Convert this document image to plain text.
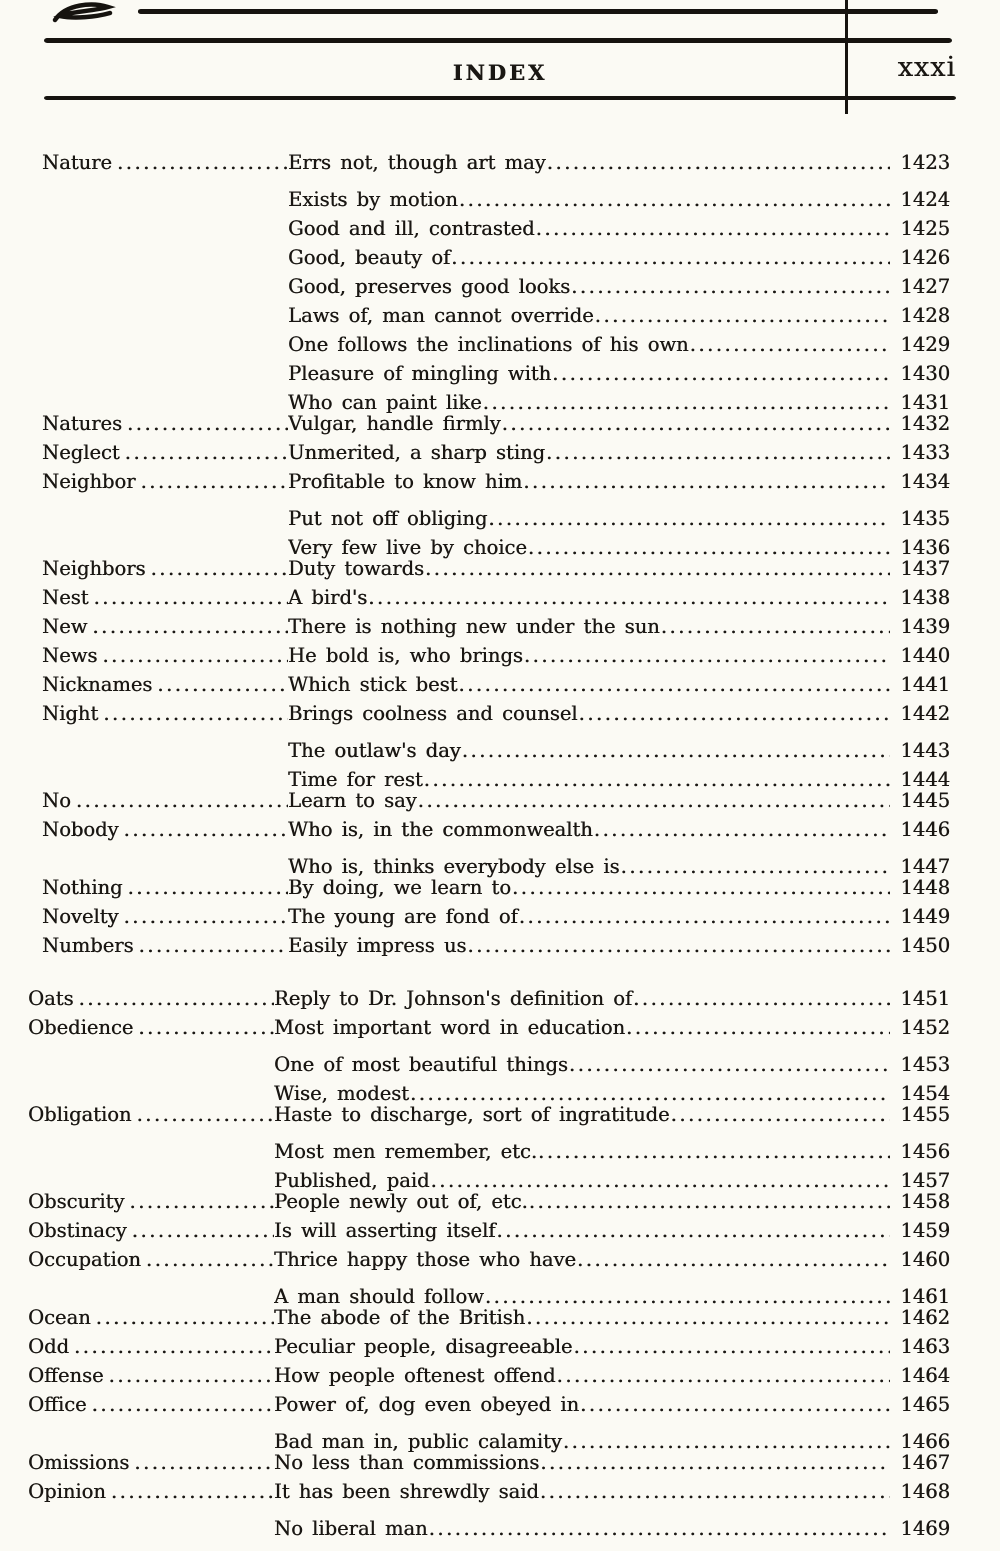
INDEX	xxxi
Nature .....	Errs not, though art may .....	1423
Exists by motion .....	1424
Good and ill, contrasted .....	1425
Good, beauty of .....	1426
Good, preserves good looks .....	1427
Laws of, man cannot override .....	1428
One follows the inclinations of his own .....	1429
Pleasure of mingling with .....	1430
Who can paint like .....	1431
Natures .....	Vulgar, handle firmly .....	1432
Neglect .....	Unmerited, a sharp sting .....	1433
Neighbor .....	Profitable to know him .....	1434
Put not off obliging .....	1435
Very few live by choice .....	1436
Neighbors .....	Duty towards .....	1437
Nest .....	A bird's .....	1438
New .....	There is nothing new under the sun .....	1439
News .....	He bold is, who brings .....	1440
Nicknames .....	Which stick best .....	1441
Night .....	Brings coolness and counsel .....	1442
The outlaw's day .....	1443
Time for rest .....	1444
No .....	Learn to say .....	1445
Nobody .....	Who is, in the commonwealth .....	1446
Who is, thinks everybody else is .....	1447
Nothing .....	By doing, we learn to .....	1448
Novelty .....	The young are fond of .....	1449
Numbers .....	Easily impress us .....	1450
Oats .....	Reply to Dr. Johnson's definition of .....	1451
Obedience .....	Most important word in education .....	1452
One of most beautiful things .....	1453
Wise, modest .....	1454
Obligation .....	Haste to discharge, sort of ingratitude .....	1455
Most men remember, etc. .....	1456
Published, paid .....	1457
Obscurity .....	People newly out of, etc. .....	1458
Obstinacy .....	Is will asserting itself .....	1459
Occupation .....	Thrice happy those who have .....	1460
A man should follow .....	1461
Ocean .....	The abode of the British .....	1462
Odd .....	Peculiar people, disagreeable .....	1463
Offense .....	How people oftenest offend .....	1464
Office .....	Power of, dog even obeyed in .....	1465
Bad man in, public calamity .....	1466
Omissions .....	No less than commissions .....	1467
Opinion .....	It has been shrewdly said .....	1468
No liberal man .....	1469
